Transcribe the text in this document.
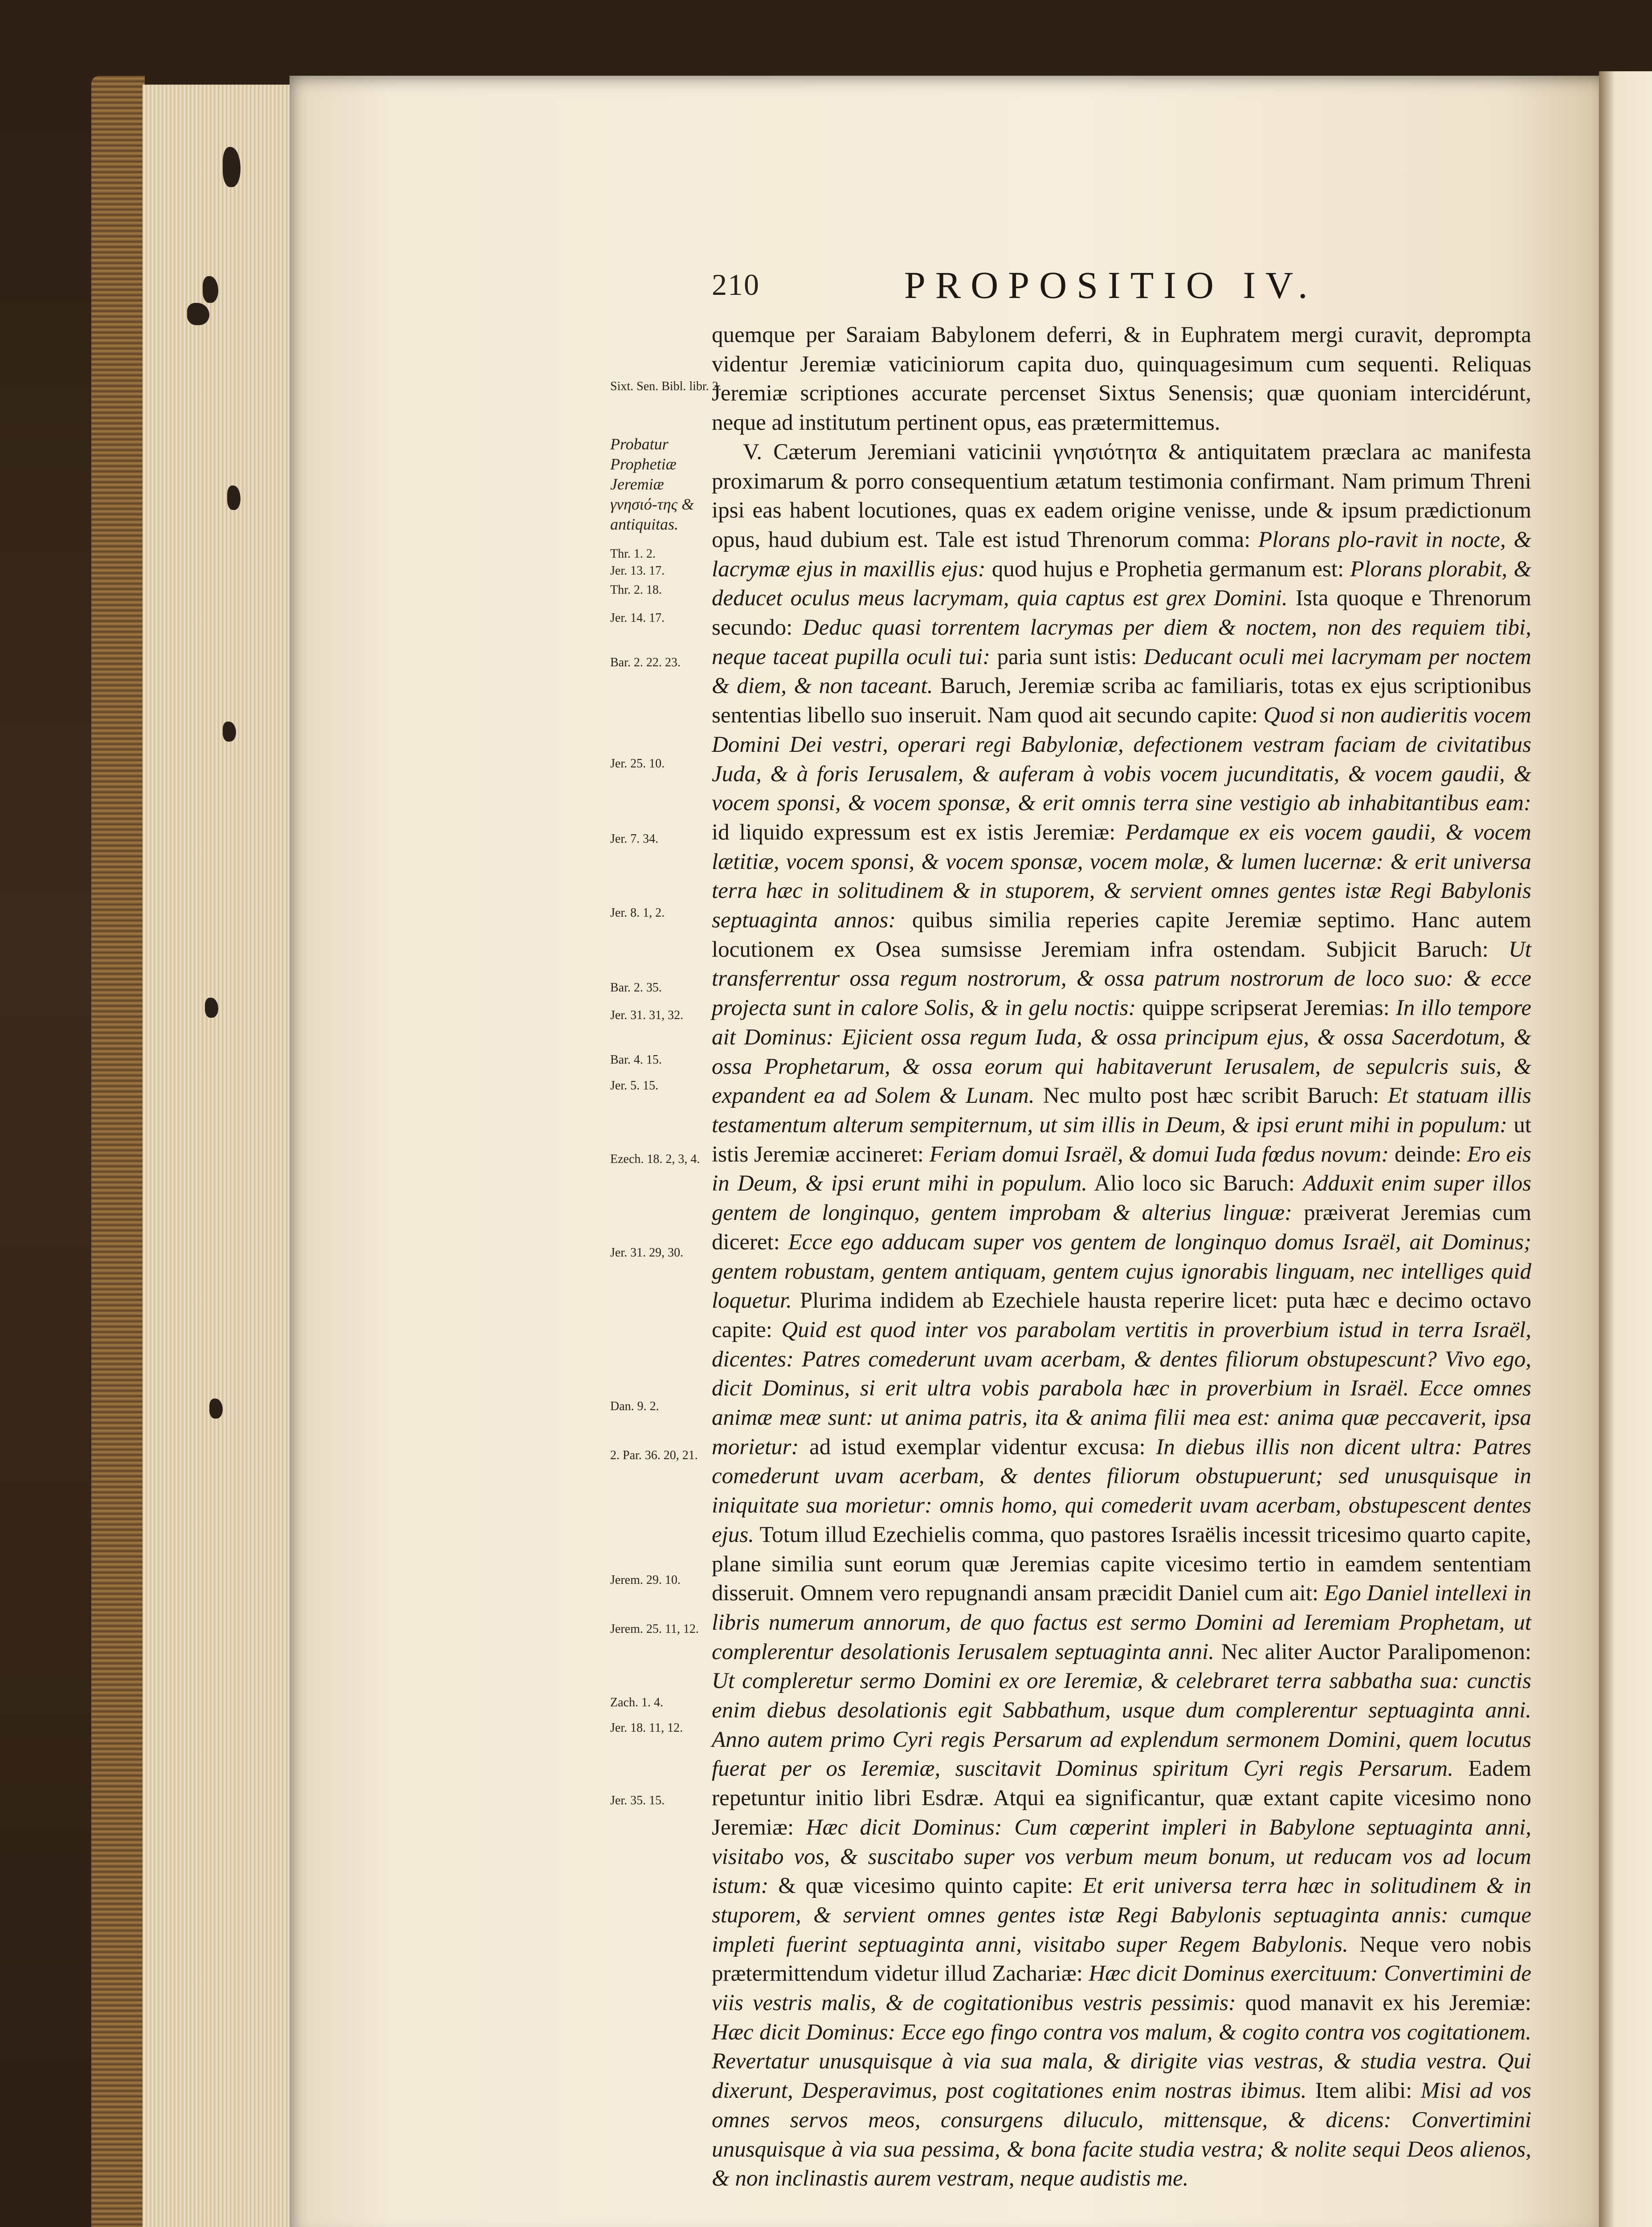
210	PROPOSITIO IV.
Sixt. Sen. Bibl. libr. 2.
Probatur Prophetiæ Jeremiæ γνησιό-της & antiquitas.
Thr. 1. 2.
Jer. 13. 17.
Thr. 2. 18.
Jer. 14. 17.
Bar. 2. 22. 23.
Jer. 25. 10.
Jer. 7. 34.
Jer. 8. 1, 2.
Bar. 2. 35.
Jer. 31. 31, 32.
Bar. 4. 15.
Jer. 5. 15.
Ezech. 18. 2, 3, 4.
Jer. 31. 29, 30.
Dan. 9. 2.
2. Par. 36. 20, 21.
Jerem. 29. 10.
Jerem. 25. 11, 12.
Zach. 1. 4.
Jer. 18. 11, 12.
Jer. 35. 15.

quemque per Saraiam Babylonem deferri, & in Euphratem mergi curavit, deprompta videntur Jeremiæ vaticiniorum capita duo, quinquagesimum cum sequenti. Reliquas Jeremiæ scriptiones accurate percenset Sixtus Senensis; quæ quoniam intercidérunt, neque ad institutum pertinent opus, eas prætermittemus.

V. Cæterum Jeremiani vaticinii γνησιότητα & antiquitatem præclara ac manifesta proximarum & porro consequentium ætatum testimonia confirmant. Nam primum Threni ipsi eas habent locutiones, quas ex eadem origine venisse, unde & ipsum prædictionum opus, haud dubium est. Tale est istud Threnorum comma: Plorans plo-ravit in nocte, & lacrymæ ejus in maxillis ejus: quod hujus e Prophetia germanum est: Plorans plorabit, & deducet oculus meus lacrymam, quia captus est grex Domini. Ista quoque e Threnorum secundo: Deduc quasi torrentem lacrymas per diem & noctem, non des requiem tibi, neque taceat pupilla oculi tui: paria sunt istis: Deducant oculi mei lacrymam per noctem & diem, & non taceant. Baruch, Jeremiæ scriba ac familiaris, totas ex ejus scriptionibus sententias libello suo inseruit. Nam quod ait secundo capite: Quod si non audieritis vocem Domini Dei vestri, operari regi Babyloniæ, defectionem vestram faciam de civitatibus Juda, & à foris Ierusalem, & auferam à vobis vocem jucunditatis, & vocem gaudii, & vocem sponsi, & vocem sponsæ, & erit omnis terra sine vestigio ab inhabitantibus eam: id liquido expressum est ex istis Jeremiæ: Perdamque ex eis vocem gaudii, & vocem lætitiæ, vocem sponsi, & vocem sponsæ, vocem molæ, & lumen lucernæ: & erit universa terra hæc in solitudinem & in stuporem, & servient omnes gentes istæ Regi Babylonis septuaginta annos: quibus similia reperies capite Jeremiæ septimo. Hanc autem locutionem ex Osea sumsisse Jeremiam infra ostendam. Subjicit Baruch: Ut transferrentur ossa regum nostrorum, & ossa patrum nostrorum de loco suo: & ecce projecta sunt in calore Solis, & in gelu noctis: quippe scripserat Jeremias: In illo tempore ait Dominus: Ejicient ossa regum Iuda, & ossa principum ejus, & ossa Sacerdotum, & ossa Prophetarum, & ossa eorum qui habitaverunt Ierusalem, de sepulcris suis, & expandent ea ad Solem & Lunam. Nec multo post hæc scribit Baruch: Et statuam illis testamentum alterum sempiternum, ut sim illis in Deum, & ipsi erunt mihi in populum: ut istis Jeremiæ accineret: Feriam domui Israël, & domui Iuda fœdus novum: deinde: Ero eis in Deum, & ipsi erunt mihi in populum. Alio loco sic Baruch: Adduxit enim super illos gentem de longinquo, gentem improbam & alterius linguæ: præiverat Jeremias cum diceret: Ecce ego adducam super vos gentem de longinquo domus Israël, ait Dominus; gentem robustam, gentem antiquam, gentem cujus ignorabis linguam, nec intelliges quid loquetur. Plurima indidem ab Ezechiele hausta reperire licet: puta hæc e decimo octavo capite: Quid est quod inter vos parabolam vertitis in proverbium istud in terra Israël, dicentes: Patres comederunt uvam acerbam, & dentes filiorum obstupescunt? Vivo ego, dicit Dominus, si erit ultra vobis parabola hæc in proverbium in Israël. Ecce omnes animæ meæ sunt: ut anima patris, ita & anima filii mea est: anima quæ peccaverit, ipsa morietur: ad istud exemplar videntur excusa: In diebus illis non dicent ultra: Patres comederunt uvam acerbam, & dentes filiorum obstupuerunt; sed unusquisque in iniquitate sua morietur: omnis homo, qui comederit uvam acerbam, obstupescent dentes ejus. Totum illud Ezechielis comma, quo pastores Israëlis incessit tricesimo quarto capite, plane similia sunt eorum quæ Jeremias capite vicesimo tertio in eamdem sententiam disseruit. Omnem vero repugnandi ansam præcidit Daniel cum ait: Ego Daniel intellexi in libris numerum annorum, de quo factus est sermo Domini ad Ieremiam Prophetam, ut complerentur desolationis Ierusalem septuaginta anni. Nec aliter Auctor Paralipomenon: Ut compleretur sermo Domini ex ore Ieremiæ, & celebraret terra sabbatha sua: cunctis enim diebus desolationis egit Sabbathum, usque dum complerentur septuaginta anni. Anno autem primo Cyri regis Persarum ad explendum sermonem Domini, quem locutus fuerat per os Ieremiæ, suscitavit Dominus spiritum Cyri regis Persarum. Eadem repetuntur initio libri Esdræ. Atqui ea significantur, quæ extant capite vicesimo nono Jeremiæ: Hæc dicit Dominus: Cum cœperint impleri in Babylone septuaginta anni, visitabo vos, & suscitabo super vos verbum meum bonum, ut reducam vos ad locum istum: & quæ vicesimo quinto capite: Et erit universa terra hæc in solitudinem & in stuporem, & servient omnes gentes istæ Regi Babylonis septuaginta annis: cumque impleti fuerint septuaginta anni, visitabo super Regem Babylonis. Neque vero nobis prætermittendum videtur illud Zachariæ: Hæc dicit Dominus exercituum: Convertimini de viis vestris malis, & de cogitationibus vestris pessimis: quod manavit ex his Jeremiæ: Hæc dicit Dominus: Ecce ego fingo contra vos malum, & cogito contra vos cogitationem. Revertatur unusquisque à via sua mala, & dirigite vias vestras, & studia vestra. Qui dixerunt, Desperavimus, post cogitationes enim nostras ibimus. Item alibi: Misi ad vos omnes servos meos, consurgens diluculo, mittensque, & dicens: Convertimini unusquisque à via sua pessima, & bona facite studia vestra; & nolite sequi Deos alienos, & non inclinastis aurem vestram, neque audistis me.
